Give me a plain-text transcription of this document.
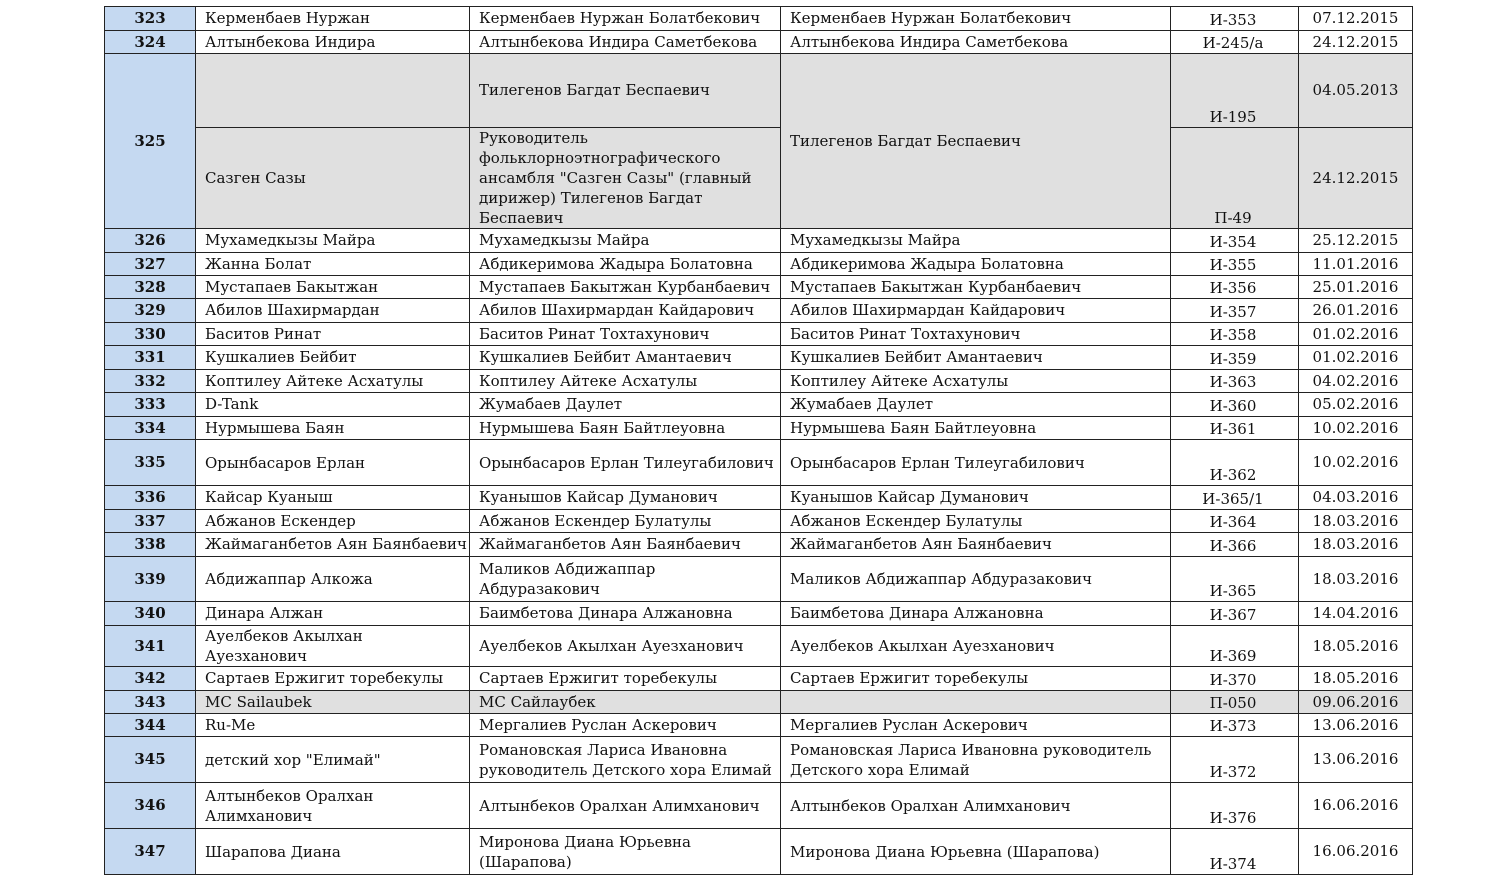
323	Керменбаев Нуржан	Керменбаев Нуржан Болатбекович	Керменбаев Нуржан Болатбекович	И-353	07.12.2015
324	Алтынбекова Индира	Алтынбекова Индира Саметбекова	Алтынбекова Индира Саметбекова	И-245/а	24.12.2015
325		Тилегенов Багдат Беспаевич	Тилегенов Багдат Беспаевич	И-195	04.05.2013
	Сазген Сазы	Руководитель фольклорноэтнографического ансамбля "Сазген Сазы" (главный дирижер) Тилегенов Багдат Беспаевич		П-49	24.12.2015
326	Мухамедкызы Майра	Мухамедкызы Майра	Мухамедкызы Майра	И-354	25.12.2015
327	Жанна Болат	Абдикеримова Жадыра Болатовна	Абдикеримова Жадыра Болатовна	И-355	11.01.2016
328	Мустапаев Бакытжан	Мустапаев Бакытжан Курбанбаевич	Мустапаев Бакытжан Курбанбаевич	И-356	25.01.2016
329	Абилов Шахирмардан	Абилов Шахирмардан Кайдарович	Абилов Шахирмардан Кайдарович	И-357	26.01.2016
330	Баситов Ринат	Баситов Ринат Тохтахунович	Баситов Ринат Тохтахунович	И-358	01.02.2016
331	Кушкалиев Бейбит	Кушкалиев Бейбит Амантаевич	Кушкалиев Бейбит Амантаевич	И-359	01.02.2016
332	Коптилеу Айтеке Асхатулы	Коптилеу Айтеке Асхатулы	Коптилеу Айтеке Асхатулы	И-363	04.02.2016
333	D-Tank	Жумабаев Даулет	Жумабаев Даулет	И-360	05.02.2016
334	Нурмышева Баян	Нурмышева Баян Байтлеуовна	Нурмышева Баян Байтлеуовна	И-361	10.02.2016
335	Орынбасаров Ерлан	Орынбасаров Ерлан Тилеугабилович	Орынбасаров Ерлан Тилеугабилович	И-362	10.02.2016
336	Кайсар Куаныш	Куанышов Кайсар Думанович	Куанышов Кайсар Думанович	И-365/1	04.03.2016
337	Абжанов Ескендер	Абжанов Ескендер Булатулы	Абжанов Ескендер Булатулы	И-364	18.03.2016
338	Жаймаганбетов Аян Баянбаевич	Жаймаганбетов Аян Баянбаевич	Жаймаганбетов Аян Баянбаевич	И-366	18.03.2016
339	Абдижаппар Алкожа	Маликов Абдижаппар Абдуразакович	Маликов Абдижаппар Абдуразакович	И-365	18.03.2016
340	Динара Алжан	Баимбетова Динара Алжановна	Баимбетова Динара Алжановна	И-367	14.04.2016
341	Ауелбеков Акылхан Ауезханович	Ауелбеков Акылхан Ауезханович	Ауелбеков Акылхан Ауезханович	И-369	18.05.2016
342	Сартаев Ержигит торебекулы	Сартаев Ержигит торебекулы	Сартаев Ержигит торебекулы	И-370	18.05.2016
343	MC Sailaubek	МС Сайлаубек		П-050	09.06.2016
344	Ru-Me	Мергалиев Руслан Аскерович	Мергалиев Руслан Аскерович	И-373	13.06.2016
345	детский хор "Елимай"	Романовская Лариса Ивановна руководитель Детского хора Елимай	Романовская Лариса Ивановна руководитель Детского хора Елимай	И-372	13.06.2016
346	Алтынбеков Оралхан Алимханович	Алтынбеков Оралхан Алимханович	Алтынбеков Оралхан Алимханович	И-376	16.06.2016
347	Шарапова Диана	Миронова Диана Юрьевна (Шарапова)	Миронова Диана Юрьевна (Шарапова)	И-374	16.06.2016
